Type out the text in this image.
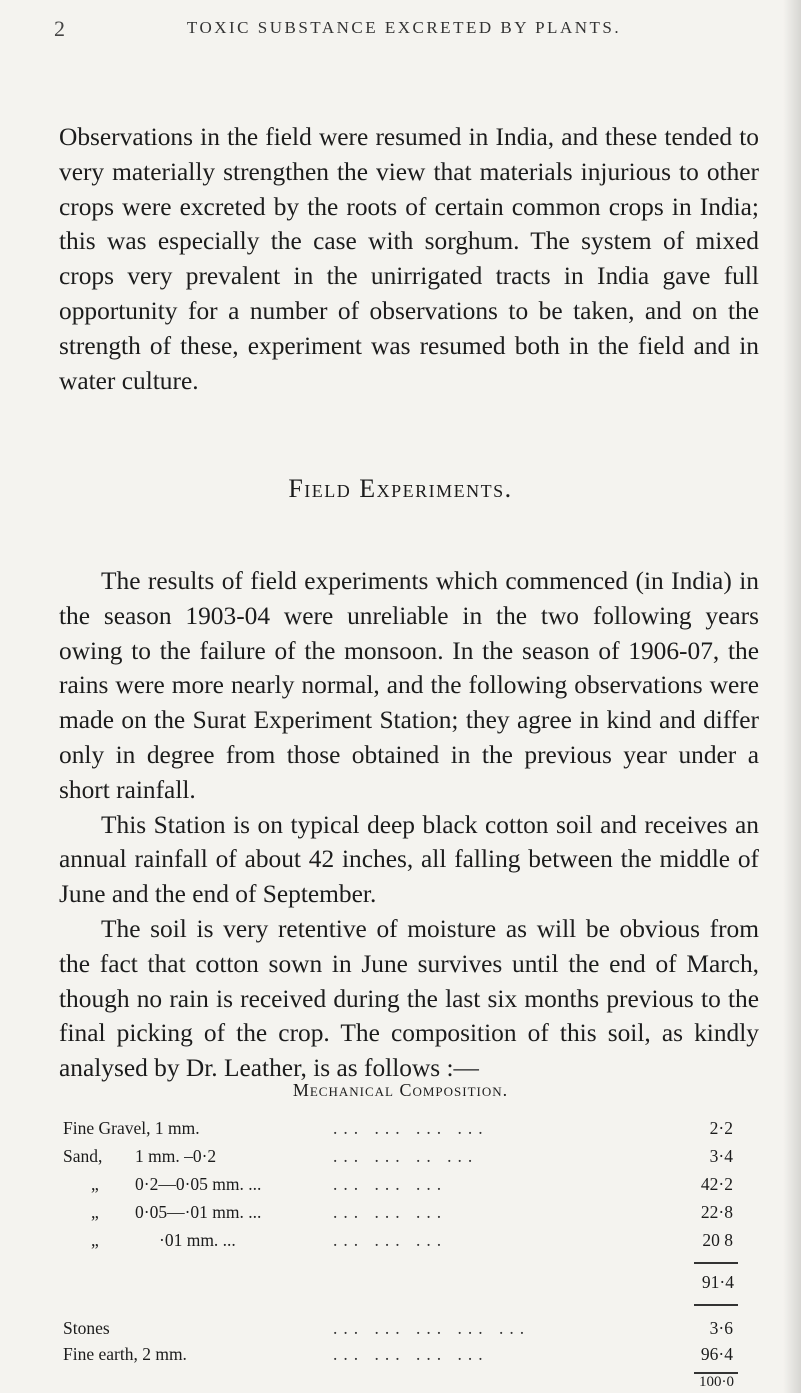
2	TOXIC SUBSTANCE EXCRETED BY PLANTS.

Observations in the field were resumed in India, and these tended to very materially strengthen the view that materials injurious to other crops were excreted by the roots of certain common crops in India; this was especially the case with sorghum. The system of mixed crops very prevalent in the unirrigated tracts in India gave full opportunity for a number of observations to be taken, and on the strength of these, experiment was resumed both in the field and in water culture.

Field Experiments.

The results of field experiments which commenced (in India) in the season 1903-04 were unreliable in the two following years owing to the failure of the monsoon. In the season of 1906-07, the rains were more nearly normal, and the following observations were made on the Surat Experiment Station; they agree in kind and differ only in degree from those obtained in the previous year under a short rainfall.

This Station is on typical deep black cotton soil and receives an annual rainfall of about 42 inches, all falling between the middle of June and the end of September.

The soil is very retentive of moisture as will be obvious from the fact that cotton sown in June survives until the end of March, though no rain is received during the last six months previous to the final picking of the crop. The composition of this soil, as kindly analysed by Dr. Leather, is as follows :—

Mechanical Composition.
Fine Gravel, 1 mm.	... ... ... ...	2·2
Sand, 1 mm. –0·2	... ... .. ...	3·4
„ 0·2—0·05 mm. ...	... ... ...	42·2
„ 0·05—·01 mm. ...	... ... ...	22·8
„	·01 mm. ...	... ... ...	20 8
91·4
Stones	... ... ... ... ...	3·6
Fine earth, 2 mm.	... ... ... ...	96·4
100·0
